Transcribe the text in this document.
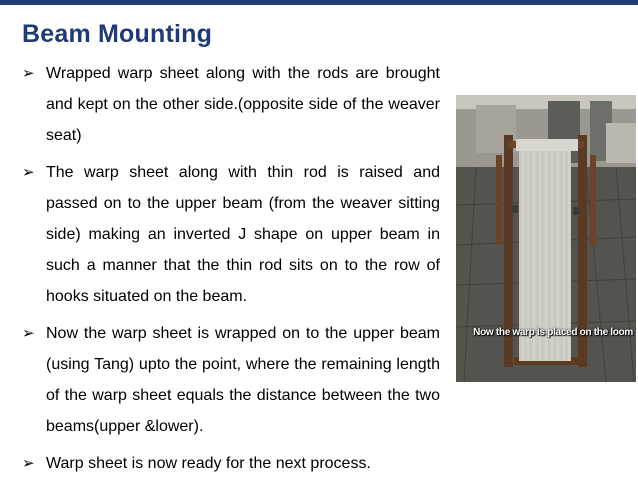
Beam Mounting
➢ Wrapped warp sheet along with the rods are brought and kept on the other side.(opposite side of the weaver seat)
➢ The warp sheet along with thin rod is raised and passed on to the upper beam (from the weaver sitting side) making an inverted J shape on upper beam in such a manner that the thin rod sits on to the row of hooks situated on the beam.
➢ Now the warp sheet is wrapped on to the upper beam (using Tang) upto the point, where the remaining length of the warp sheet equals the distance between the two beams(upper &lower).
➢ Warp sheet is now ready for the next process.
Now the warp is placed on the loom
